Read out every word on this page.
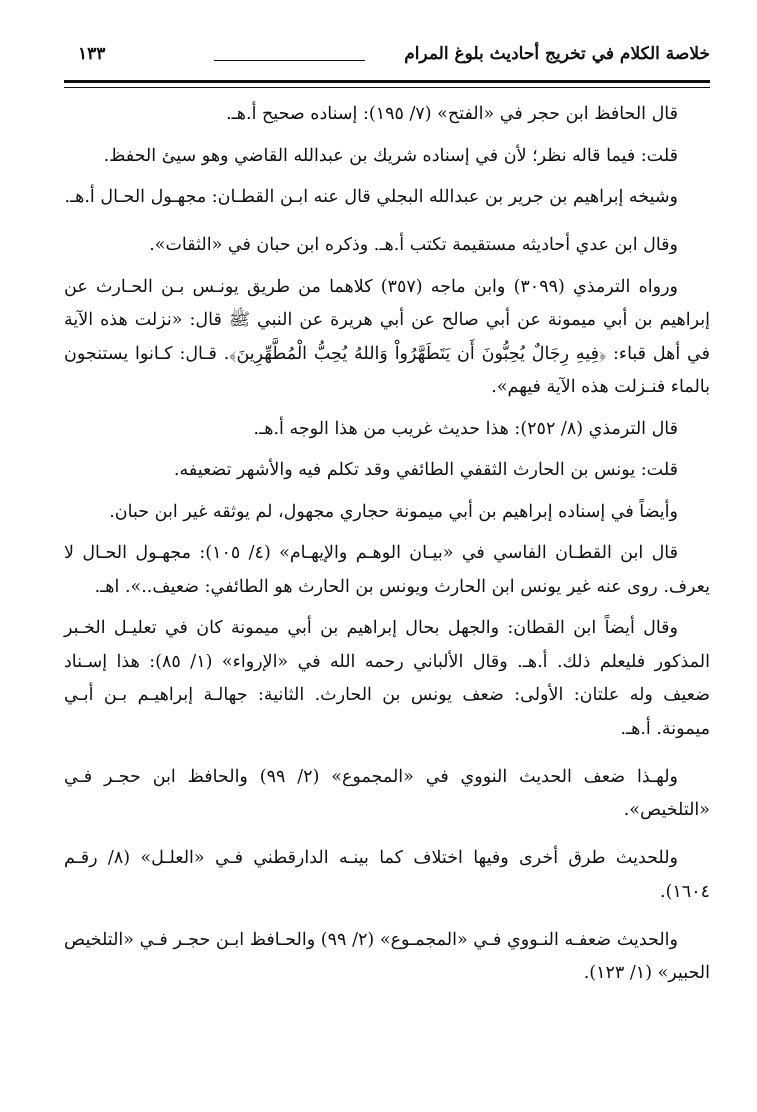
خلاصة الكلام في تخريج أحاديث بلوغ المرام
١٣٣

قال الحافظ ابن حجر في «الفتح» (٧/ ١٩٥): إسناده صحيح أ.هـ.

قلت: فيما قاله نظر؛ لأن في إسناده شريك بن عبدالله القاضي وهو سيئ الحفظ.

وشيخه إبراهيم بن جرير بن عبدالله البجلي قال عنه ابـن القطـان: مجهـول الحـال أ.هـ.

وقال ابن عدي أحاديثه مستقيمة تكتب أ.هـ. وذكره ابن حبان في «الثقات».

ورواه الترمذي (٣٠٩٩) وابن ماجه (٣٥٧) كلاهما من طريق يونـس بـن الحـارث عن إبراهيم بن أبي ميمونة عن أبي صالح عن أبي هريرة عن النبي ﷺ قال: «نزلت هذه الآية في أهل قباء: ﴿فِيهِ رِجَالٌ يُحِبُّونَ أَن يَتَطَهَّرُواْ وَاللهُ يُحِبُّ الْمُطَّهِّرِينَ﴾. قـال: كـانوا يستنجون بالماء فنـزلت هذه الآية فيهم».

قال الترمذي (٨/ ٢٥٢): هذا حديث غريب من هذا الوجه أ.هـ.

قلت: يونس بن الحارث الثقفي الطائفي وقد تكلم فيه والأشهر تضعيفه.

وأيضاً في إسناده إبراهيم بن أبي ميمونة حجاري مجهول، لم يوثقه غير ابن حبان.

قال ابن القطـان الفاسي في «بيـان الوهـم والإيهـام» (٤/ ١٠٥): مجهـول الحـال لا يعرف. روى عنه غير يونس ابن الحارث ويونس بن الحارث هو الطائفي: ضعيف..». اهـ.

وقال أيضاً ابن القطان: والجهل بحال إبراهيم بن أبي ميمونة كان في تعليـل الخـبر المذكور فليعلم ذلك. أ.هـ. وقال الألباني رحمه الله في «الإرواء» (١/ ٨٥): هذا إسـناد ضعيف وله علتان: الأولى: ضعف يونس بن الحارث. الثانية: جهالـة إبراهيـم بـن أبـي ميمونة. أ.هـ.

ولهـذا ضعف الحديث النووي في «المجموع» (٢/ ٩٩) والحافظ ابن حجـر فـي «التلخيص».

وللحديث طرق أخرى وفيها اختلاف كما بينـه الدارقطني فـي «العلـل» (٨/ رقـم ١٦٠٤).

والحديث ضعفـه النـووي فـي «المجمـوع» (٢/ ٩٩) والحـافظ ابـن حجـر فـي «التلخيص الحبير» (١/ ١٢٣).
